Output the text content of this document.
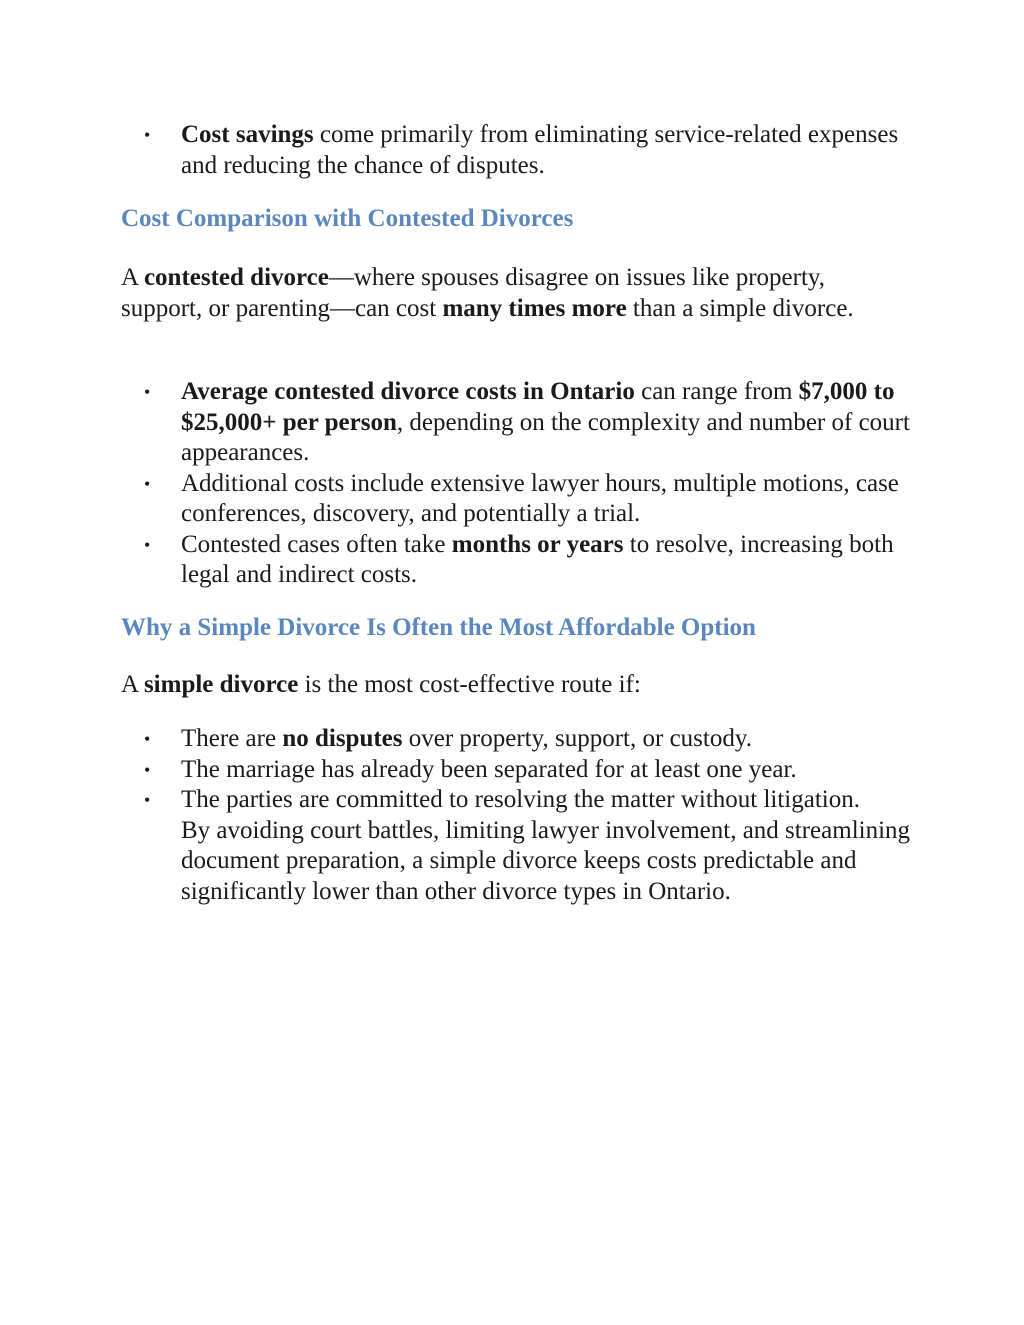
• Cost savings come primarily from eliminating service-related expenses and reducing the chance of disputes.
Cost Comparison with Contested Divorces

A contested divorce—where spouses disagree on issues like property, support, or parenting—can cost many times more than a simple divorce.

• Average contested divorce costs in Ontario can range from $7,000 to $25,000+ per person, depending on the complexity and number of court appearances.
• Additional costs include extensive lawyer hours, multiple motions, case conferences, discovery, and potentially a trial.
• Contested cases often take months or years to resolve, increasing both legal and indirect costs.
Why a Simple Divorce Is Often the Most Affordable Option

A simple divorce is the most cost-effective route if:

• There are no disputes over property, support, or custody.
• The marriage has already been separated for at least one year.
• The parties are committed to resolving the matter without litigation.
By avoiding court battles, limiting lawyer involvement, and streamlining document preparation, a simple divorce keeps costs predictable and significantly lower than other divorce types in Ontario.
